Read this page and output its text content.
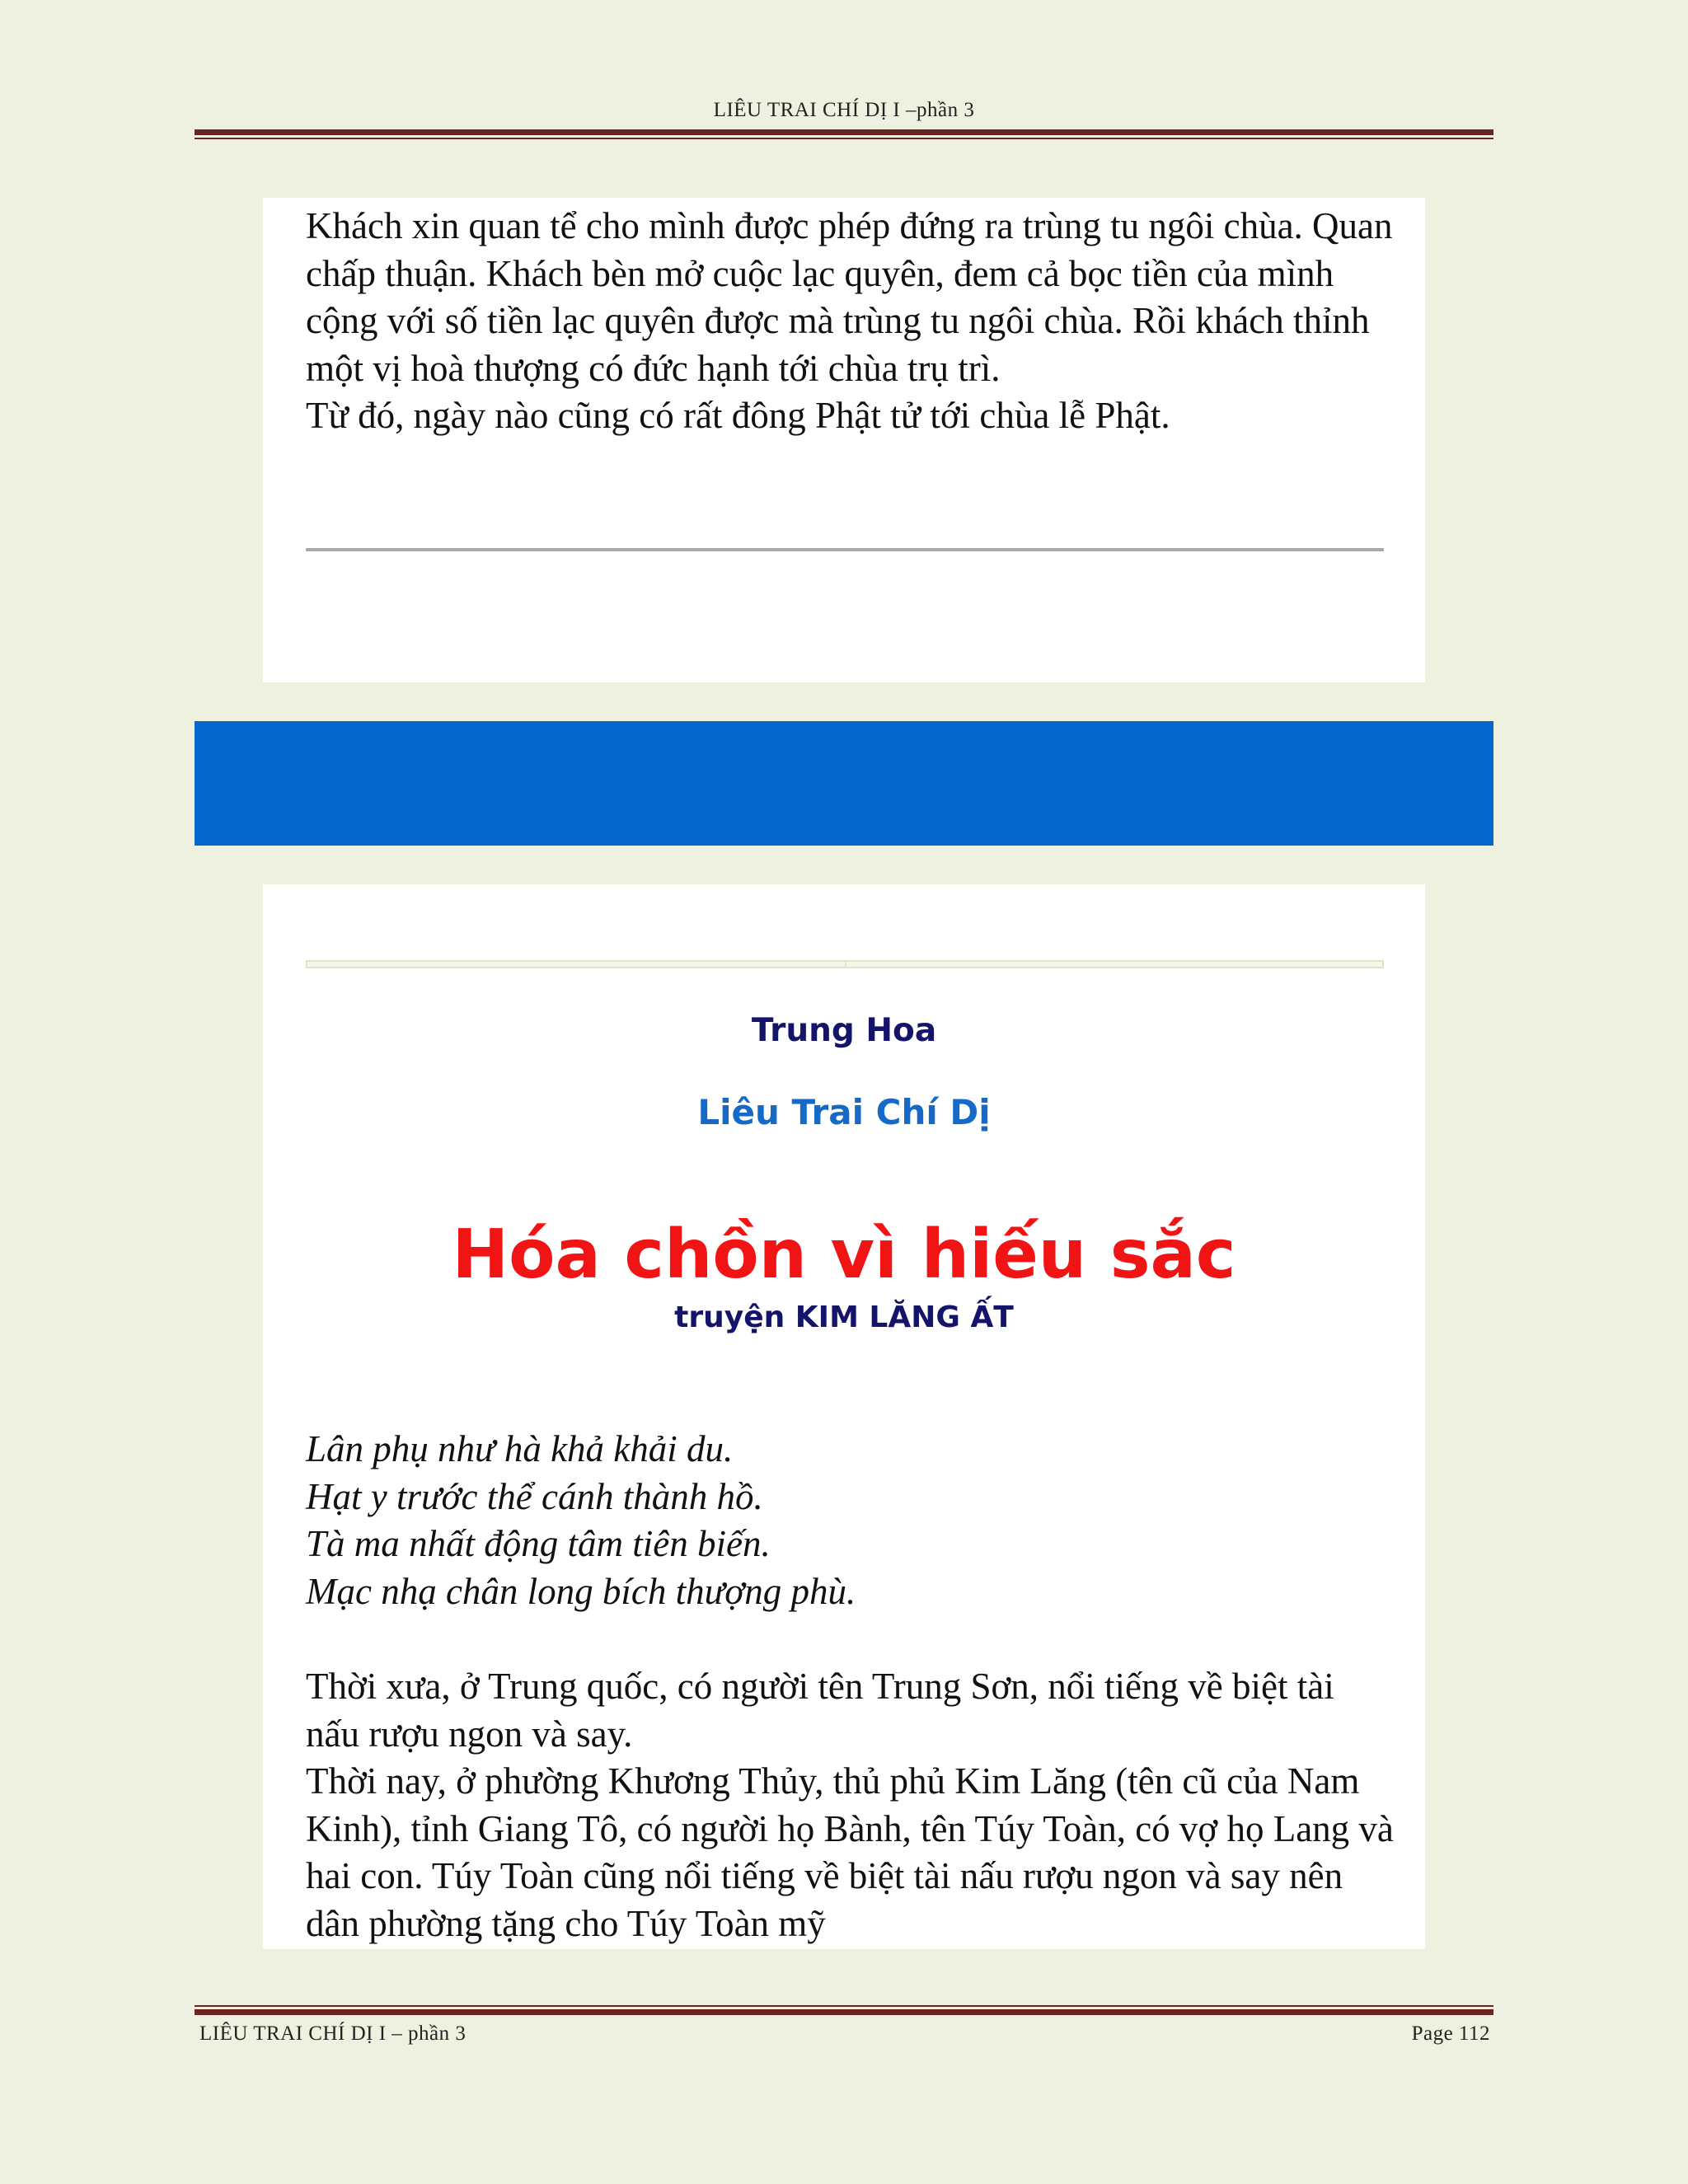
LIÊU TRAI CHÍ DỊ I –phần 3

Khách xin quan tể cho mình được phép đứng ra trùng tu ngôi chùa. Quan chấp thuận. Khách bèn mở cuộc lạc quyên, đem cả bọc tiền của mình cộng với số tiền lạc quyên được mà trùng tu ngôi chùa. Rồi khách thỉnh một vị hoà thượng có đức hạnh tới chùa trụ trì.

Từ đó, ngày nào cũng có rất đông Phật tử tới chùa lễ Phật.

Trung Hoa
Liêu Trai Chí Dị
Hóa chồn vì hiếu sắc
truyện KIM LĂNG ẤT

Lân phụ như hà khả khải du.

Hạt y trước thể cánh thành hồ.

Tà ma nhất động tâm tiên biến.

Mạc nhạ chân long bích thượng phù.

Thời xưa, ở Trung quốc, có người tên Trung Sơn, nổi tiếng về biệt tài nấu rượu ngon và say.

Thời nay, ở phường Khương Thủy, thủ phủ Kim Lăng (tên cũ của Nam Kinh), tỉnh Giang Tô, có người họ Bành, tên Túy Toàn, có vợ họ Lang và hai con. Túy Toàn cũng nổi tiếng về biệt tài nấu rượu ngon và say nên dân phường tặng cho Túy Toàn mỹ

LIÊU TRAI CHÍ DỊ I – phần 3	Page 112
